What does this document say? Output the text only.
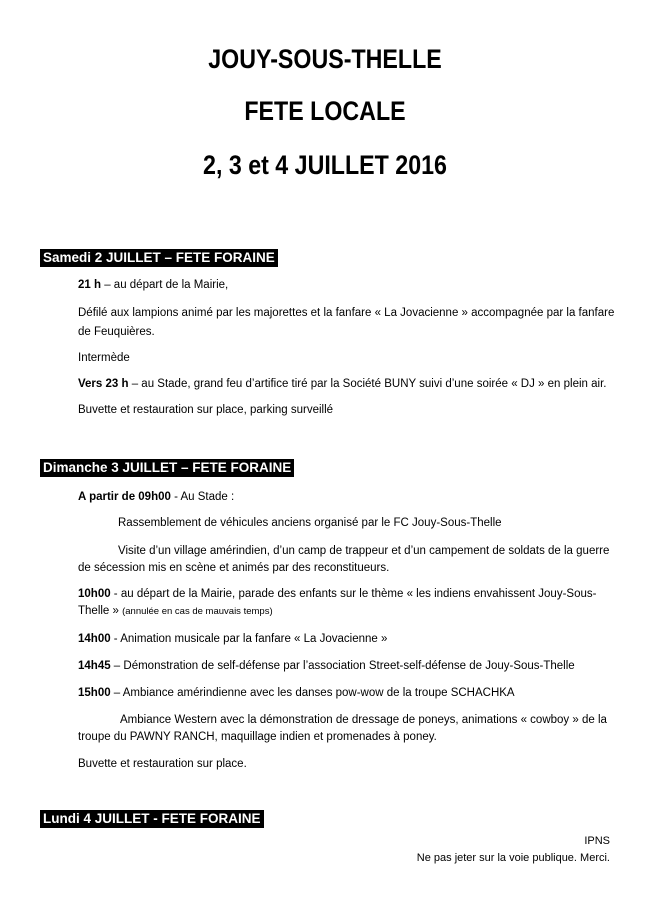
JOUY-SOUS-THELLE
FETE LOCALE
2, 3 et 4 JUILLET 2016
Samedi 2 JUILLET – FETE FORAINE
21 h – au départ de la Mairie,
Défilé aux lampions animé par les majorettes et la fanfare « La Jovacienne » accompagnée par la fanfare
de Feuquières.
Intermède
Vers 23 h – au Stade, grand feu d’artifice tiré par la Société BUNY suivi d’une soirée « DJ » en plein air.
Buvette et restauration sur place, parking surveillé
Dimanche 3 JUILLET – FETE FORAINE
A partir de 09h00 - Au Stade :
Rassemblement de véhicules anciens organisé par le FC Jouy-Sous-Thelle
Visite d’un village amérindien, d’un camp de trappeur et d’un campement de soldats de la guerre
de sécession mis en scène et animés par des reconstitueurs.
10h00 - au départ de la Mairie, parade des enfants sur le thème « les indiens envahissent Jouy-Sous-
Thelle » (annulée en cas de mauvais temps)
14h00 - Animation musicale par la fanfare « La Jovacienne »
14h45 – Démonstration de self-défense par l’association Street-self-défense de Jouy-Sous-Thelle
15h00 – Ambiance amérindienne avec les danses pow-wow de la troupe SCHACHKA
Ambiance Western avec la démonstration de dressage de poneys, animations « cowboy » de la
troupe du PAWNY RANCH, maquillage indien et promenades à poney.
Buvette et restauration sur place.
Lundi 4 JUILLET - FETE FORAINE
IPNS
Ne pas jeter sur la voie publique. Merci.
